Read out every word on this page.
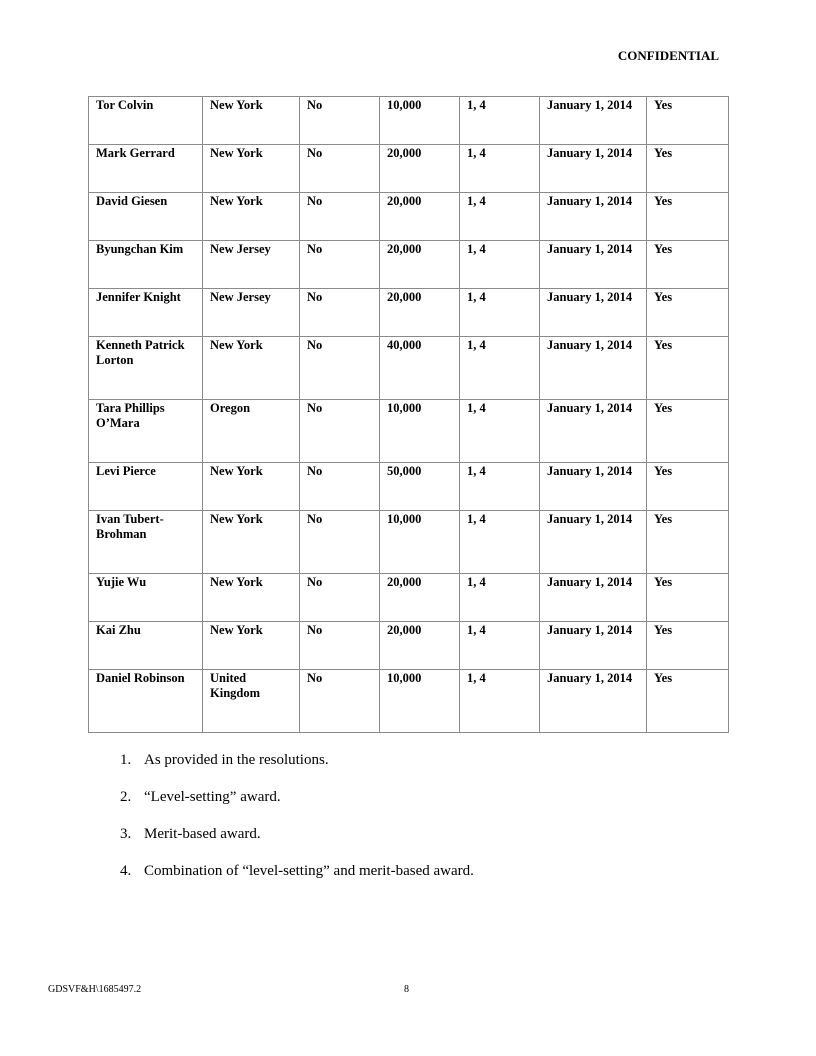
CONFIDENTIAL
Tor Colvin	New York	No	10,000	1, 4	January 1, 2014	Yes
Mark Gerrard	New York	No	20,000	1, 4	January 1, 2014	Yes
David Giesen	New York	No	20,000	1, 4	January 1, 2014	Yes
Byungchan Kim	New Jersey	No	20,000	1, 4	January 1, 2014	Yes
Jennifer Knight	New Jersey	No	20,000	1, 4	January 1, 2014	Yes
Kenneth Patrick Lorton	New York	No	40,000	1, 4	January 1, 2014	Yes
Tara Phillips O’Mara	Oregon	No	10,000	1, 4	January 1, 2014	Yes
Levi Pierce	New York	No	50,000	1, 4	January 1, 2014	Yes
Ivan Tubert-Brohman	New York	No	10,000	1, 4	January 1, 2014	Yes
Yujie Wu	New York	No	20,000	1, 4	January 1, 2014	Yes
Kai Zhu	New York	No	20,000	1, 4	January 1, 2014	Yes
Daniel Robinson	United Kingdom	No	10,000	1, 4	January 1, 2014	Yes
1. As provided in the resolutions.
2. “Level-setting” award.
3. Merit-based award.
4. Combination of “level-setting” and merit-based award.
GDSVF&H\1685497.2	8
